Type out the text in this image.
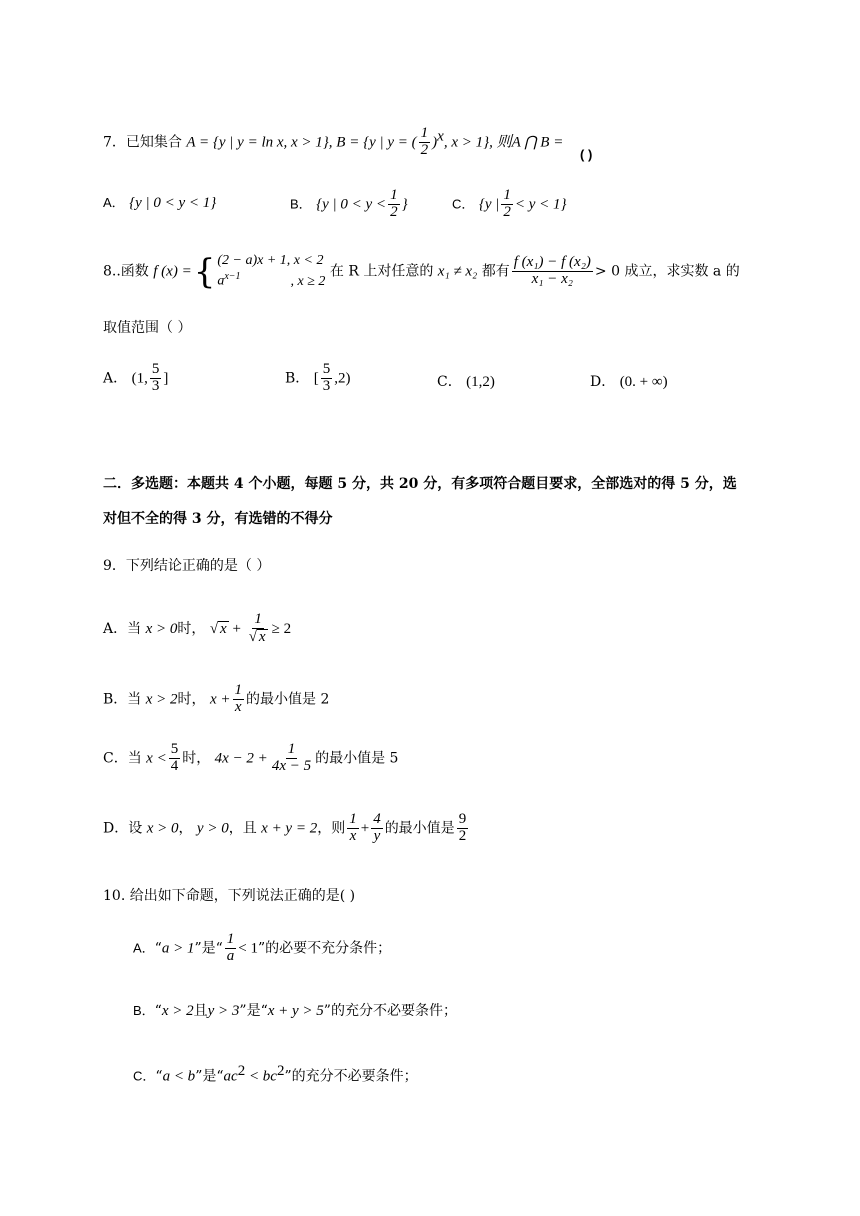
7．已知集合 A = {y | y = ln x, x > 1}, B = {y | y = ( $\frac{1}{2} )^x$, x > 1}, 则A ⋂ B =
( )
A． {y | 0 < y < 1}	B． {y | $0 < y < \frac{1}{2}$ }	C． {y | $\frac{1}{2} < y < 1$}
8..函数 f (x) ={ (2 − a)x + 1, x < 2
$a^{x-1}$	, x ≥ 2
在 R 上对任意的 x₁ ≠ x₂ 都有 $\frac{\text{f (x₁) − f (x₂)}}{\text{x₁ − x₂}} > 0$ 成立，求实数 a 的
取值范围（ ）
A． (1, $\frac{5}{3}$ ]	B． [ $\frac{5}{3} ,2$)	C． (1,2)	D． (0. + ∞)
二．多选题：本题共 4 个小题，每题 5 分，共 20 分，有多项符合题目要求，全部选对的得 5 分，选
对但不全的得 3 分，有选错的不得分
9．下列结论正确的是（ ）
A．当 x > 0时， √ $x + \frac{1}{√ x} \ge 2$
B．当 x > 2时， $x + \frac{1}{x}$ 的最小值是 2
C．当 $x < \frac{5}{4}$ 时， $4x - 2 + \frac{1}{4x - 5}$ 的最小值是 5
D．设 x > 0， y > 0，且 x + y = 2，则 $\frac{1}{x} + \frac{4}{y}$ 的最小值是 $\frac{9}{2}$
10. 给出如下命题，下列说法正确的是( )
A．“a > 1”是“ $\frac{1}{a} < 1$”的必要不充分条件；
B．“x > 2且y > 3”是“x + y > 5”的充分不必要条件；
C．“a < b”是“$ac^2 < bc^2$”的充分不必要条件；
